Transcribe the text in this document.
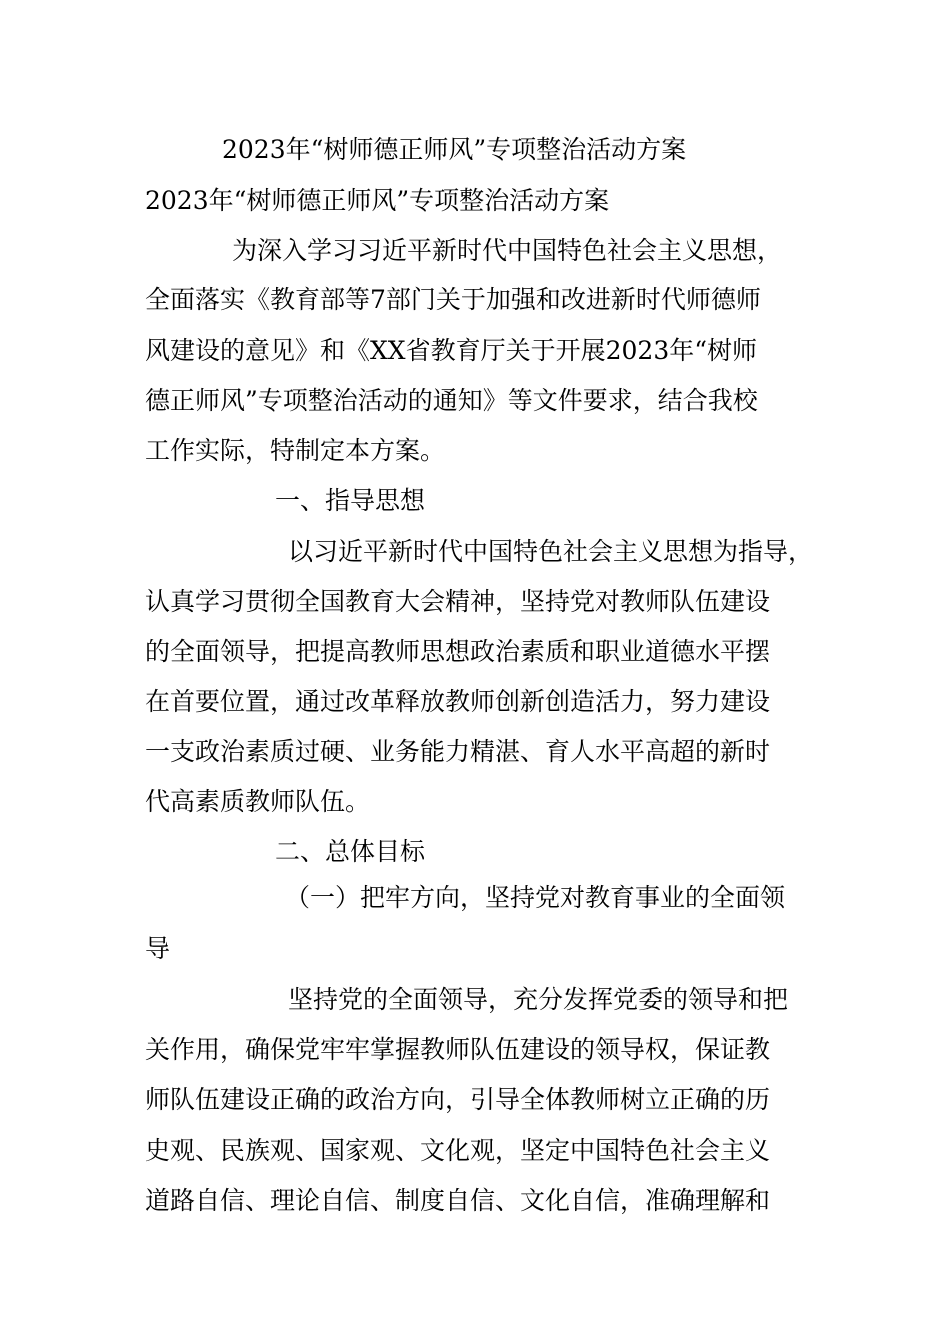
2023年“树师德正师风”专项整治活动方案
2023年“树师德正师风”专项整治活动方案
为深入学习习近平新时代中国特色社会主义思想，
全面落实《教育部等7部门关于加强和改进新时代师德师
风建设的意见》和《XX省教育厅关于开展2023年“树师
德正师风”专项整治活动的通知》等文件要求，结合我校
工作实际，特制定本方案。
一、指导思想
以习近平新时代中国特色社会主义思想为指导，
认真学习贯彻全国教育大会精神，坚持党对教师队伍建设
的全面领导，把提高教师思想政治素质和职业道德水平摆
在首要位置，通过改革释放教师创新创造活力，努力建设
一支政治素质过硬、业务能力精湛、育人水平高超的新时
代高素质教师队伍。
二、总体目标
（一）把牢方向，坚持党对教育事业的全面领
导
坚持党的全面领导，充分发挥党委的领导和把
关作用，确保党牢牢掌握教师队伍建设的领导权，保证教
师队伍建设正确的政治方向，引导全体教师树立正确的历
史观、民族观、国家观、文化观，坚定中国特色社会主义
道路自信、理论自信、制度自信、文化自信，准确理解和
